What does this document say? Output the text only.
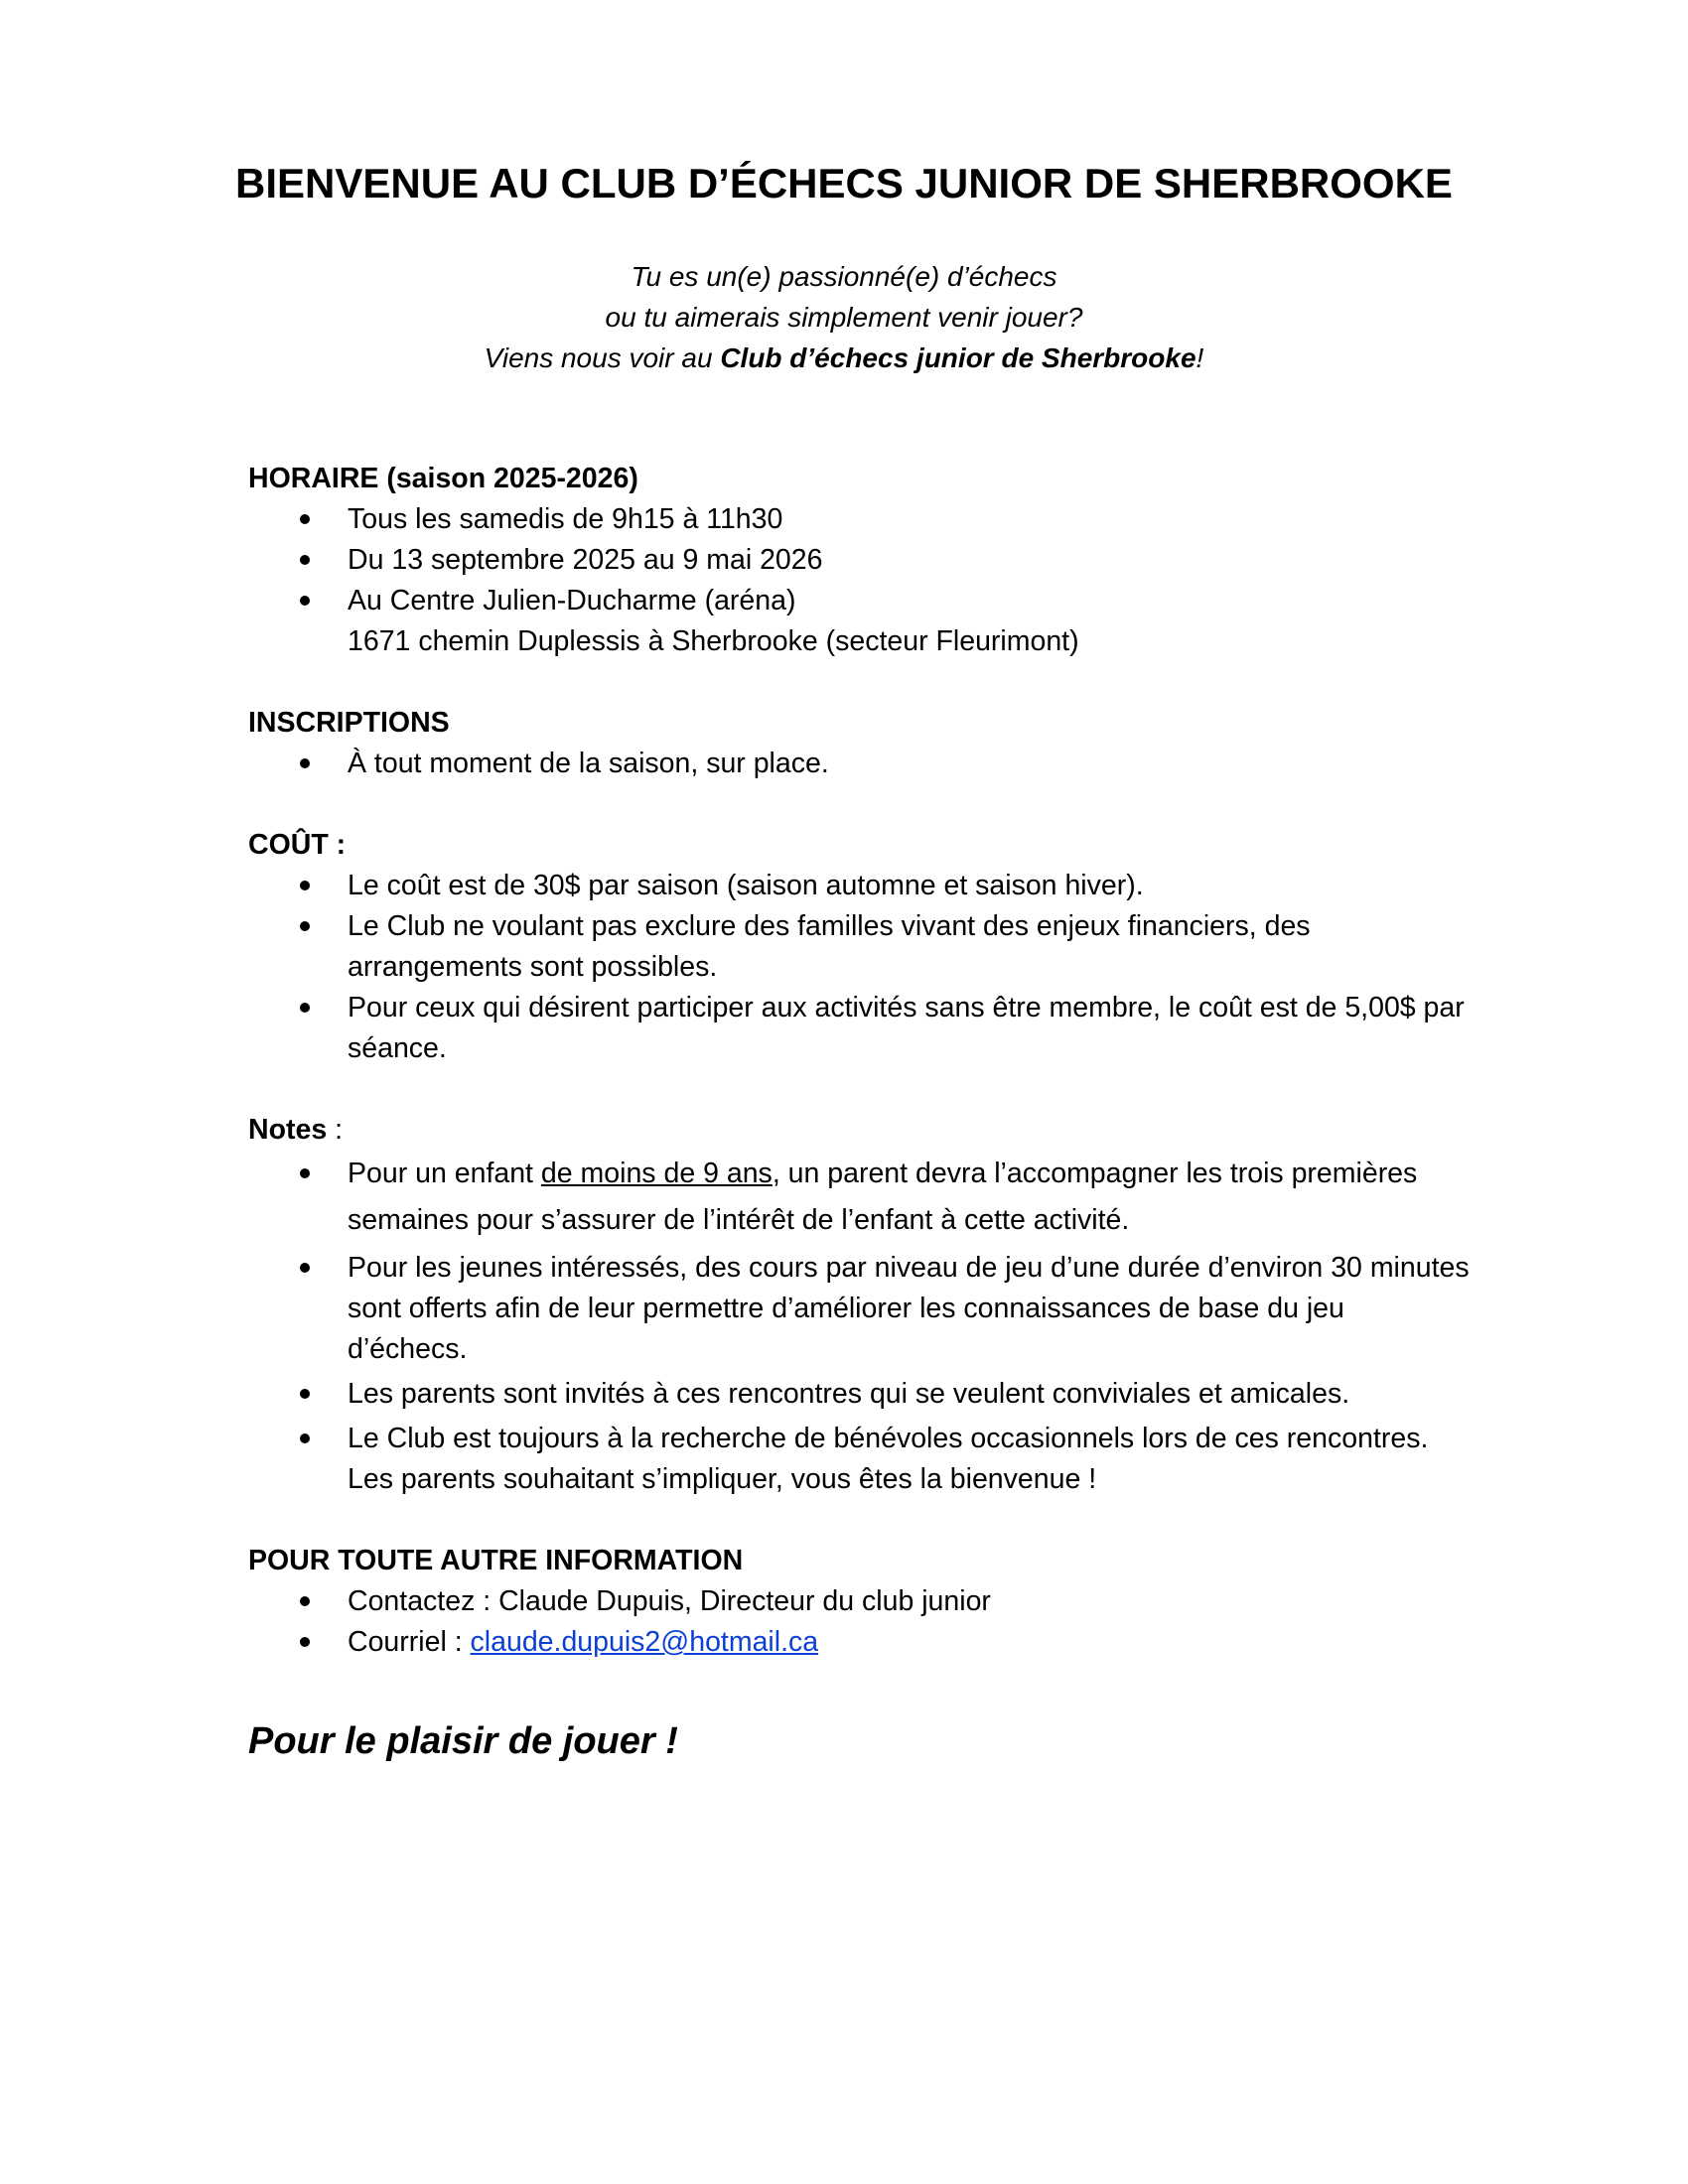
BIENVENUE AU CLUB D’ÉCHECS JUNIOR DE SHERBROOKE
Tu es un(e) passionné(e) d’échecs
ou tu aimerais simplement venir jouer?
Viens nous voir au Club d’échecs junior de Sherbrooke!
HORAIRE (saison 2025-2026)
Tous les samedis de 9h15 à 11h30
Du 13 septembre 2025 au 9 mai 2026
Au Centre Julien-Ducharme (aréna)
1671 chemin Duplessis à Sherbrooke (secteur Fleurimont)
INSCRIPTIONS
À tout moment de la saison, sur place.
COÛT :
Le coût est de 30$ par saison (saison automne et saison hiver).
Le Club ne voulant pas exclure des familles vivant des enjeux financiers, des arrangements sont possibles.
Pour ceux qui désirent participer aux activités sans être membre, le coût est de 5,00$ par séance.
Notes :
Pour un enfant de moins de 9 ans, un parent devra l’accompagner les trois premières semaines pour s’assurer de l’intérêt de l’enfant à cette activité.
Pour les jeunes intéressés, des cours par niveau de jeu d’une durée d’environ 30 minutes sont offerts afin de leur permettre d’améliorer les connaissances de base du jeu d’échecs.
Les parents sont invités à ces rencontres qui se veulent conviviales et amicales.
Le Club est toujours à la recherche de bénévoles occasionnels lors de ces rencontres. Les parents souhaitant s’impliquer, vous êtes la bienvenue !
POUR TOUTE AUTRE INFORMATION
Contactez : Claude Dupuis, Directeur du club junior
Courriel : claude.dupuis2@hotmail.ca
Pour le plaisir de jouer !
